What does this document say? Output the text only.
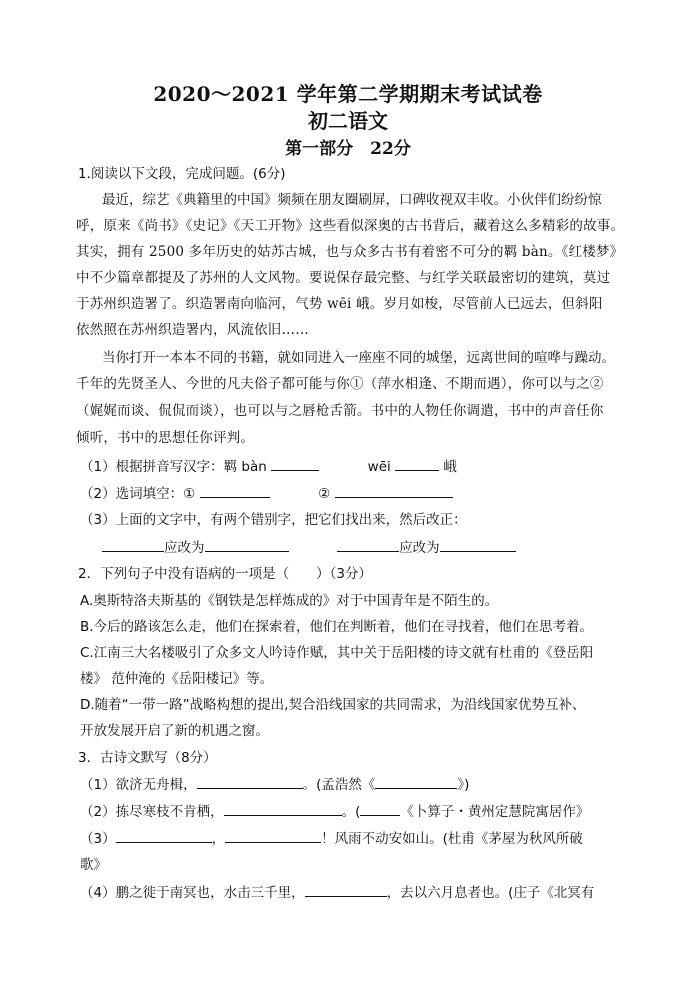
2020～2021 学年第二学期期末考试试卷
初二语文
第一部分　22分
1.阅读以下文段，完成问题。(6分)
最近，综艺《典籍里的中国》频频在朋友圈刷屏，口碑收视双丰收。小伙伴们纷纷惊
呼，原来《尚书》《史记》《天工开物》这些看似深奥的古书背后，藏着这么多精彩的故事。
其实，拥有 2500 多年历史的姑苏古城，也与众多古书有着密不可分的羁 bàn。《红楼梦》
中不少篇章都提及了苏州的人文风物。要说保存最完整、与红学关联最密切的建筑，莫过
于苏州织造署了。织造署南向临河，气势 wēi 峨。岁月如梭，尽管前人已远去，但斜阳
依然照在苏州织造署内，风流依旧……
当你打开一本本不同的书籍，就如同进入一座座不同的城堡，远离世间的喧哗与躁动。
千年的先贤圣人、今世的凡夫俗子都可能与你①（萍水相逢、不期而遇），你可以与之②
（娓娓而谈、侃侃而谈），也可以与之唇枪舌箭。书中的人物任你调遣，书中的声音任你
倾听，书中的思想任你评判。
（1）根据拼音写汉字：羁 bàn	wēi	峨
（2）选词填空：①	②
（3）上面的文字中，有两个错别字，把它们找出来，然后改正：
应改为	应改为
2．下列句子中没有语病的一项是（　　）（3分）
A.奥斯特洛夫斯基的《钢铁是怎样炼成的》对于中国青年是不陌生的。
B.今后的路该怎么走，他们在探索着，他们在判断着，他们在寻找着，他们在思考着。
C.江南三大名楼吸引了众多文人吟诗作赋，其中关于岳阳楼的诗文就有杜甫的《登岳阳
楼》 范仲淹的《岳阳楼记》等。
D.随着“一带一路”战略构想的提出,契合沿线国家的共同需求，为沿线国家优势互补、
开放发展开启了新的机遇之窗。
3．古诗文默写（8分）
（1）欲济无舟楫，	。(孟浩然《	》)
（2）拣尽寒枝不肯栖，	。(	《卜算子・黄州定慧院寓居作》
（3）	，	！风雨不动安如山。(杜甫《茅屋为秋风所破
歌》
（4）鹏之徙于南冥也，水击三千里，	，去以六月息者也。(庄子《北冥有
